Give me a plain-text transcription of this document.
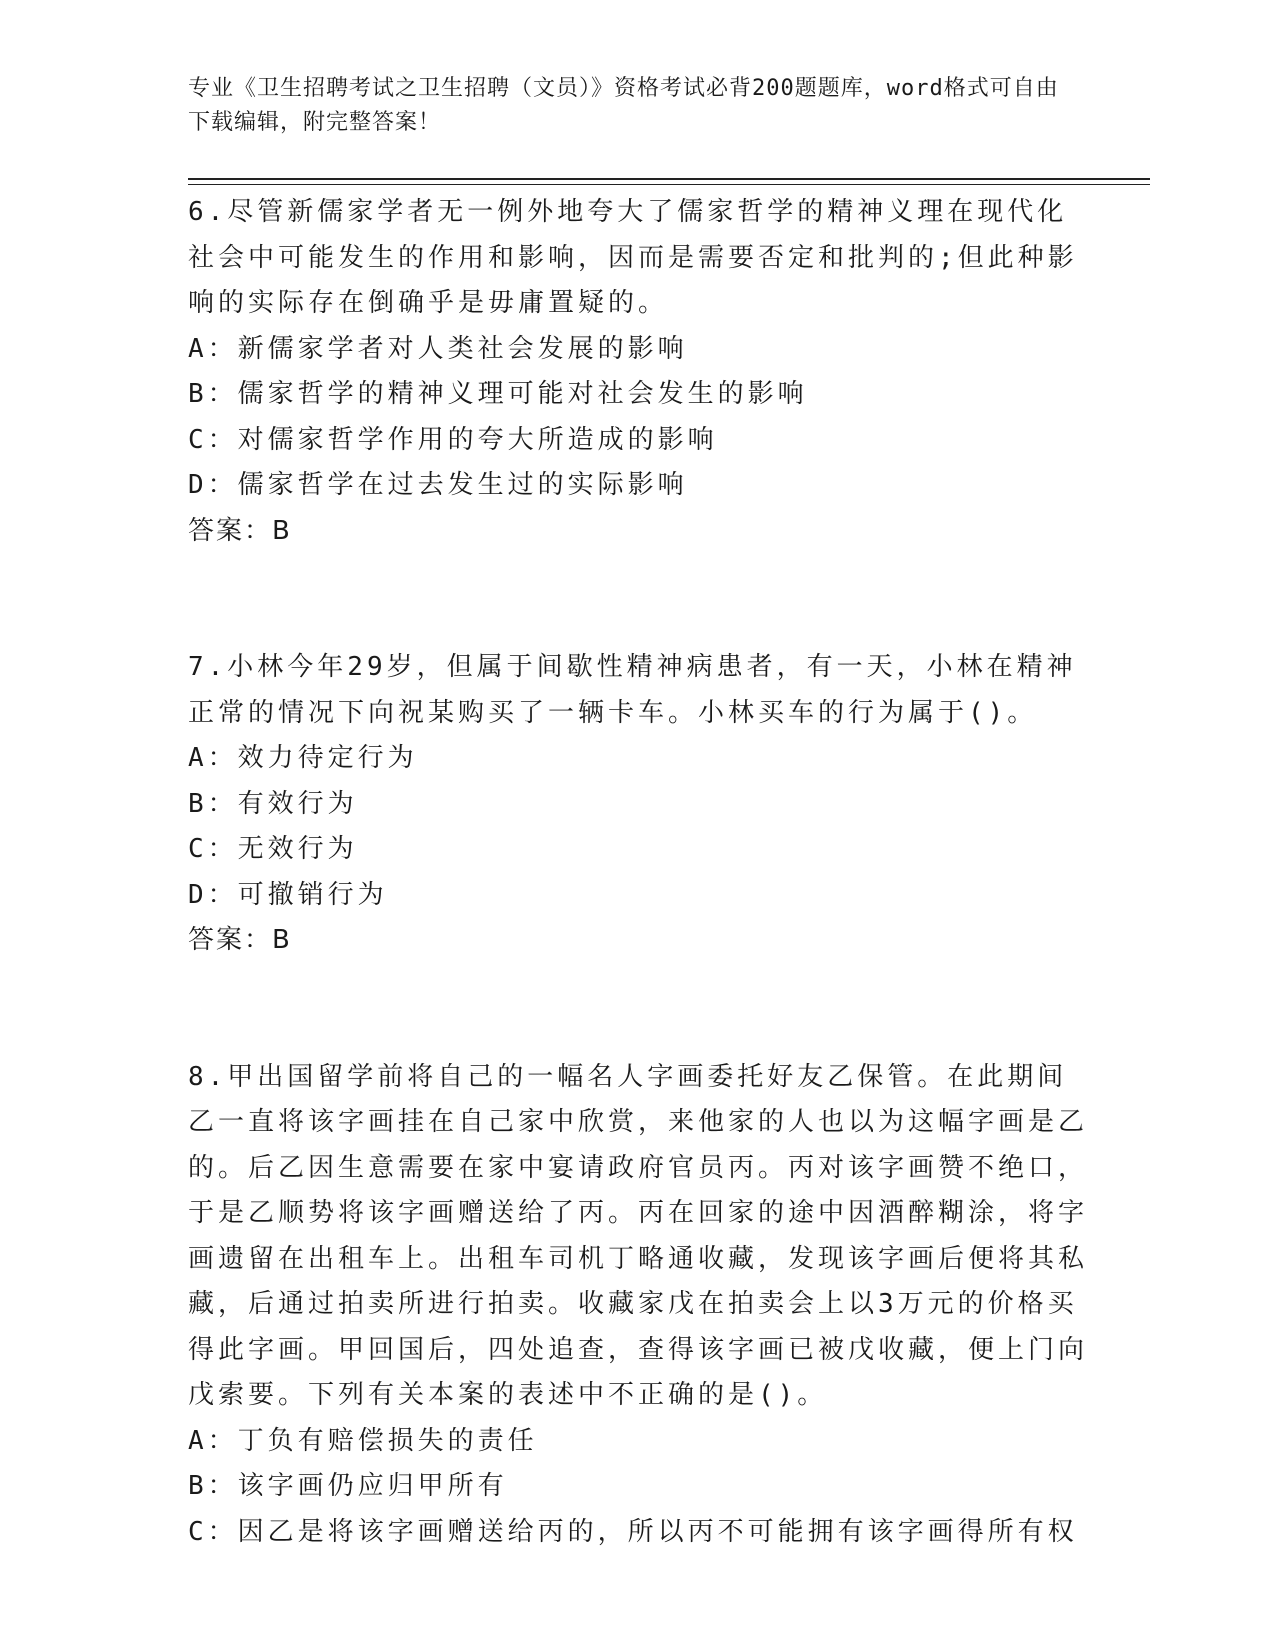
专业《卫生招聘考试之卫生招聘（文员）》资格考试必背200题题库，word格式可自由下载编辑，附完整答案！

6.尽管新儒家学者无一例外地夸大了儒家哲学的精神义理在现代化社会中可能发生的作用和影响，因而是需要否定和批判的;但此种影响的实际存在倒确乎是毋庸置疑的。

A：新儒家学者对人类社会发展的影响

B：儒家哲学的精神义理可能对社会发生的影响

C：对儒家哲学作用的夸大所造成的影响

D：儒家哲学在过去发生过的实际影响

答案：B

7.小林今年29岁，但属于间歇性精神病患者，有一天，小林在精神正常的情况下向祝某购买了一辆卡车。小林买车的行为属于()。

A：效力待定行为

B：有效行为

C：无效行为

D：可撤销行为

答案：B

8.甲出国留学前将自己的一幅名人字画委托好友乙保管。在此期间乙一直将该字画挂在自己家中欣赏，来他家的人也以为这幅字画是乙的。后乙因生意需要在家中宴请政府官员丙。丙对该字画赞不绝口，于是乙顺势将该字画赠送给了丙。丙在回家的途中因酒醉糊涂，将字画遗留在出租车上。出租车司机丁略通收藏，发现该字画后便将其私藏，后通过拍卖所进行拍卖。收藏家戊在拍卖会上以3万元的价格买得此字画。甲回国后，四处追查，查得该字画已被戊收藏，便上门向戊索要。下列有关本案的表述中不正确的是()。

A：丁负有赔偿损失的责任

B：该字画仍应归甲所有

C：因乙是将该字画赠送给丙的，所以丙不可能拥有该字画得所有权
